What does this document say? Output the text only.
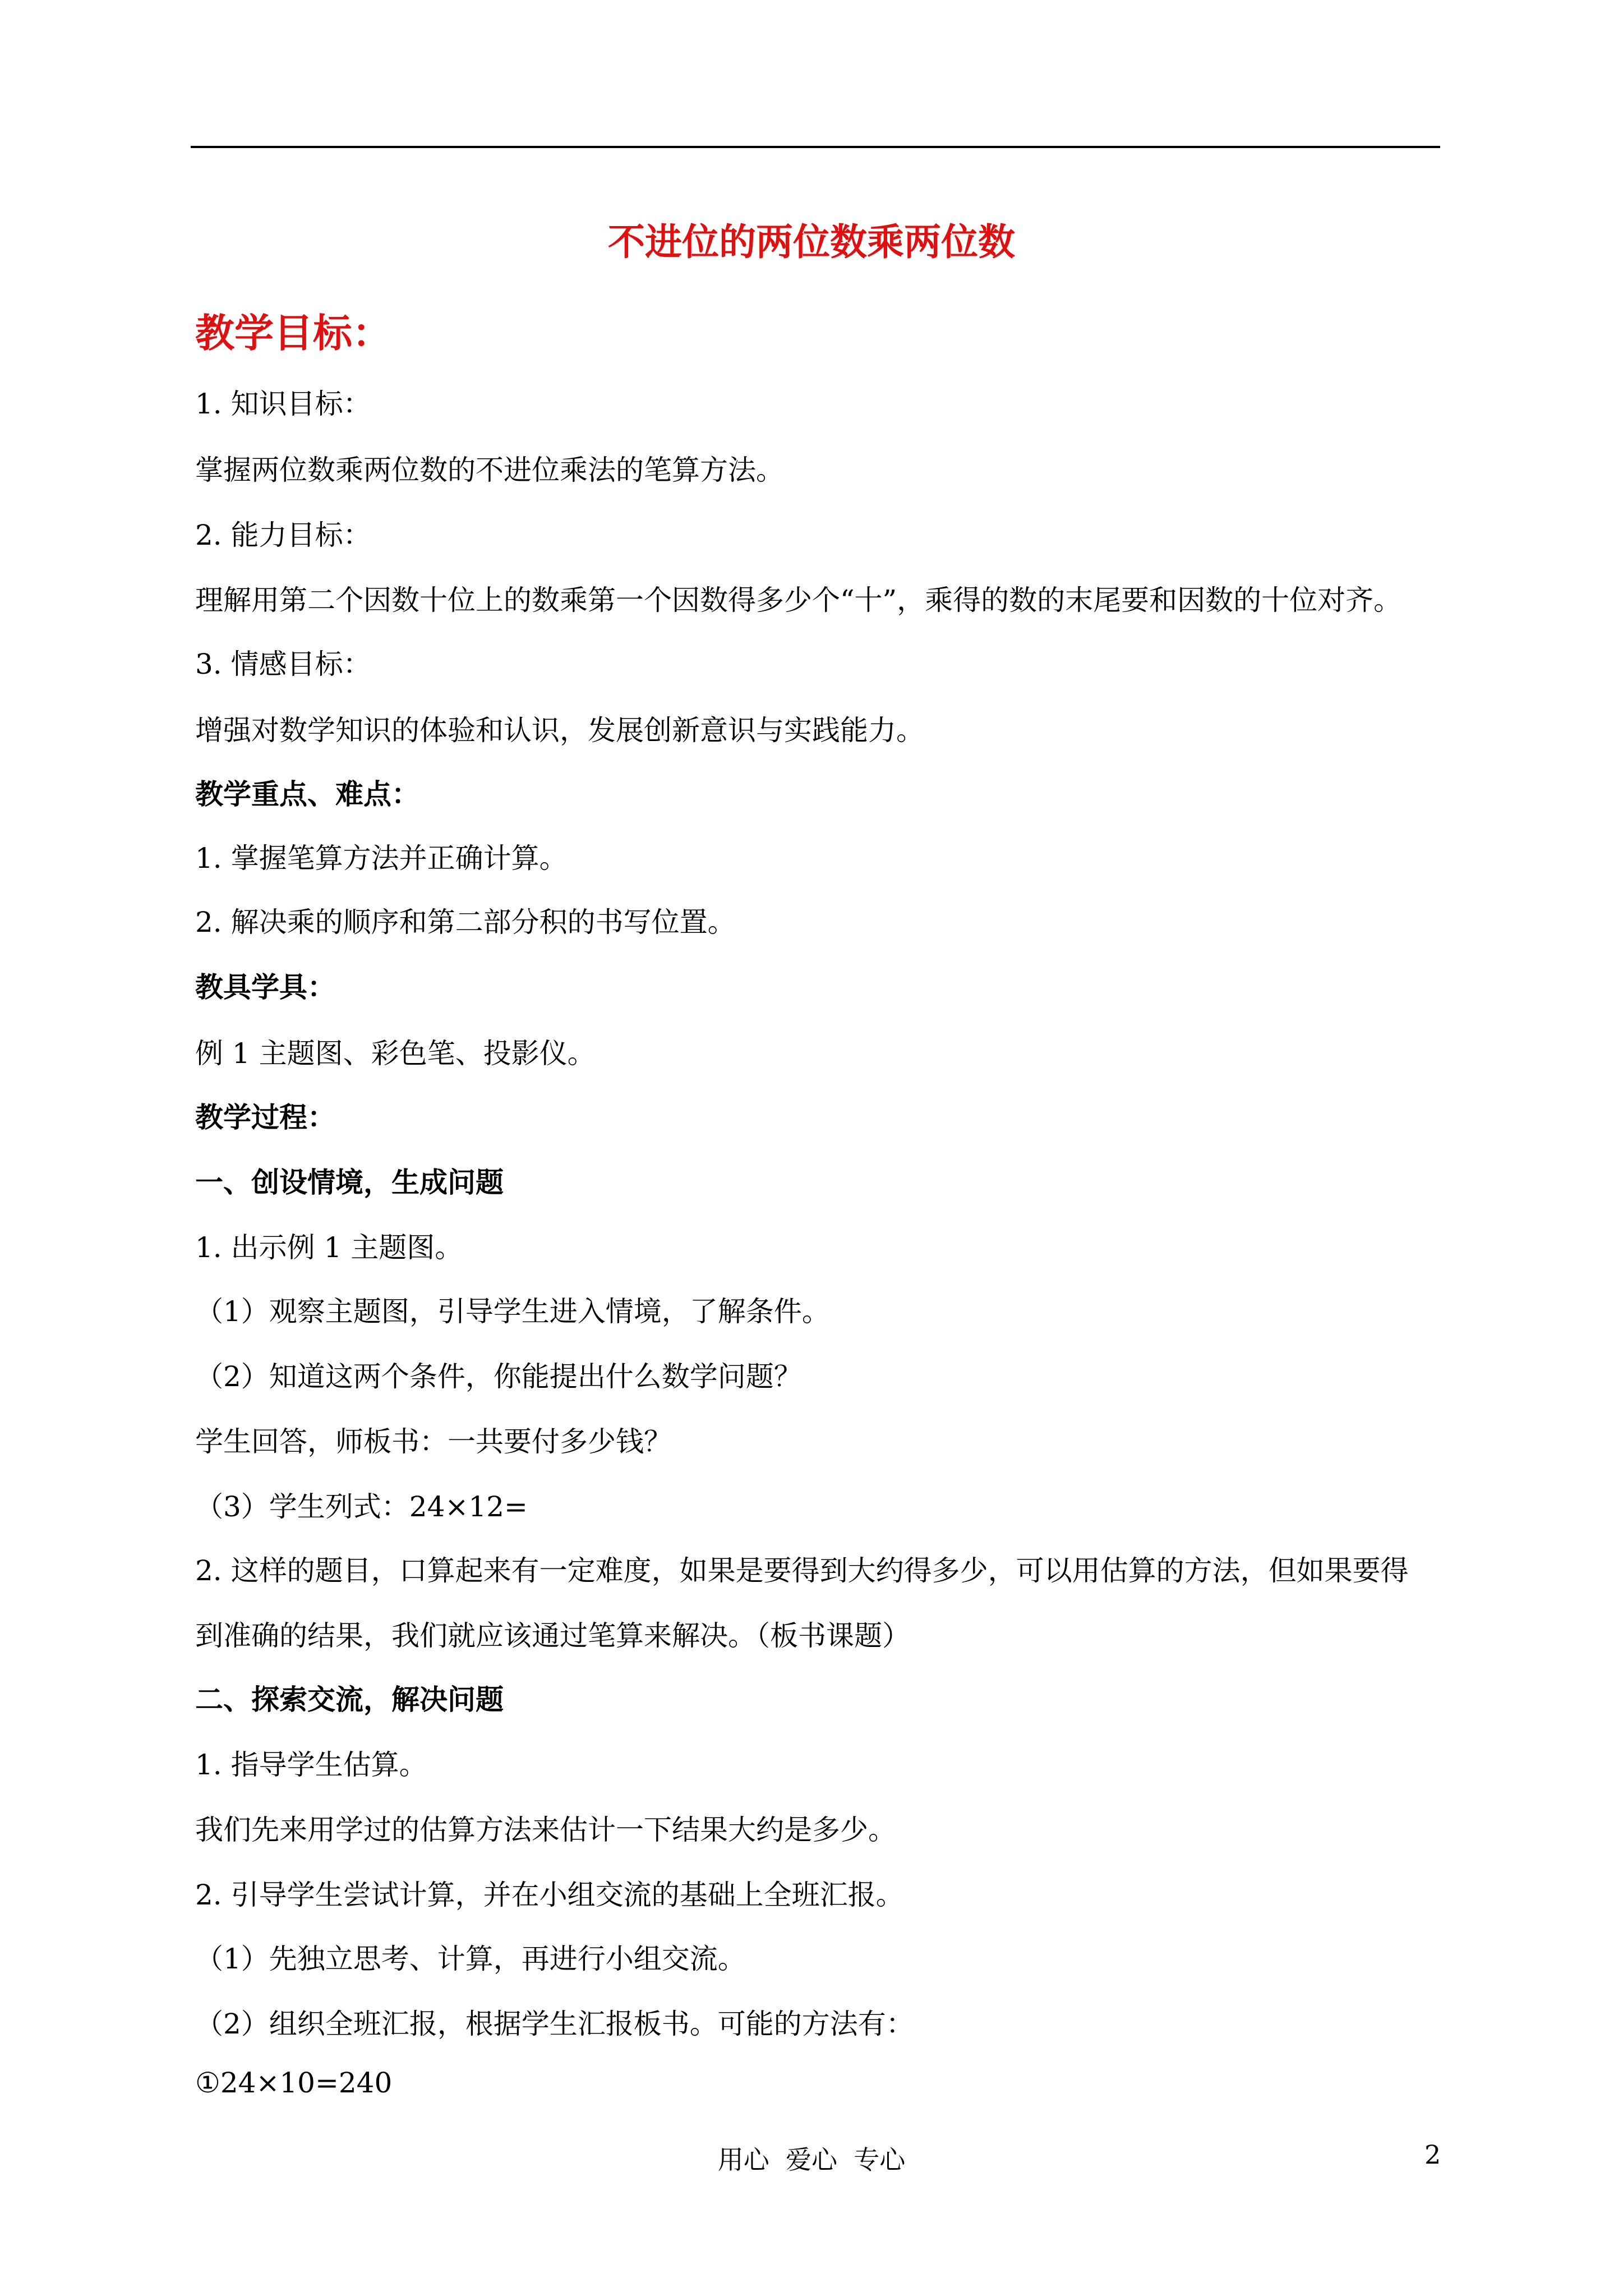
不进位的两位数乘两位数
教学目标：
1. 知识目标：
掌握两位数乘两位数的不进位乘法的笔算方法。
2. 能力目标：
理解用第二个因数十位上的数乘第一个因数得多少个“十”，乘得的数的末尾要和因数的十位对齐。
3. 情感目标：
增强对数学知识的体验和认识，发展创新意识与实践能力。
教学重点、难点：
1. 掌握笔算方法并正确计算。
2. 解决乘的顺序和第二部分积的书写位置。
教具学具：
例 1 主题图、彩色笔、投影仪。
教学过程：
一、创设情境，生成问题
1. 出示例 1 主题图。
（1）观察主题图，引导学生进入情境，了解条件。
（2）知道这两个条件，你能提出什么数学问题？
学生回答，师板书：一共要付多少钱？
（3）学生列式：24×12=
2. 这样的题目，口算起来有一定难度，如果是要得到大约得多少，可以用估算的方法，但如果要得
到准确的结果，我们就应该通过笔算来解决。（板书课题）
二、探索交流，解决问题
1. 指导学生估算。
我们先来用学过的估算方法来估计一下结果大约是多少。
2. 引导学生尝试计算，并在小组交流的基础上全班汇报。
（1）先独立思考、计算，再进行小组交流。
（2）组织全班汇报，根据学生汇报板书。可能的方法有：
①24×10=240
用心  爱心  专心	2
